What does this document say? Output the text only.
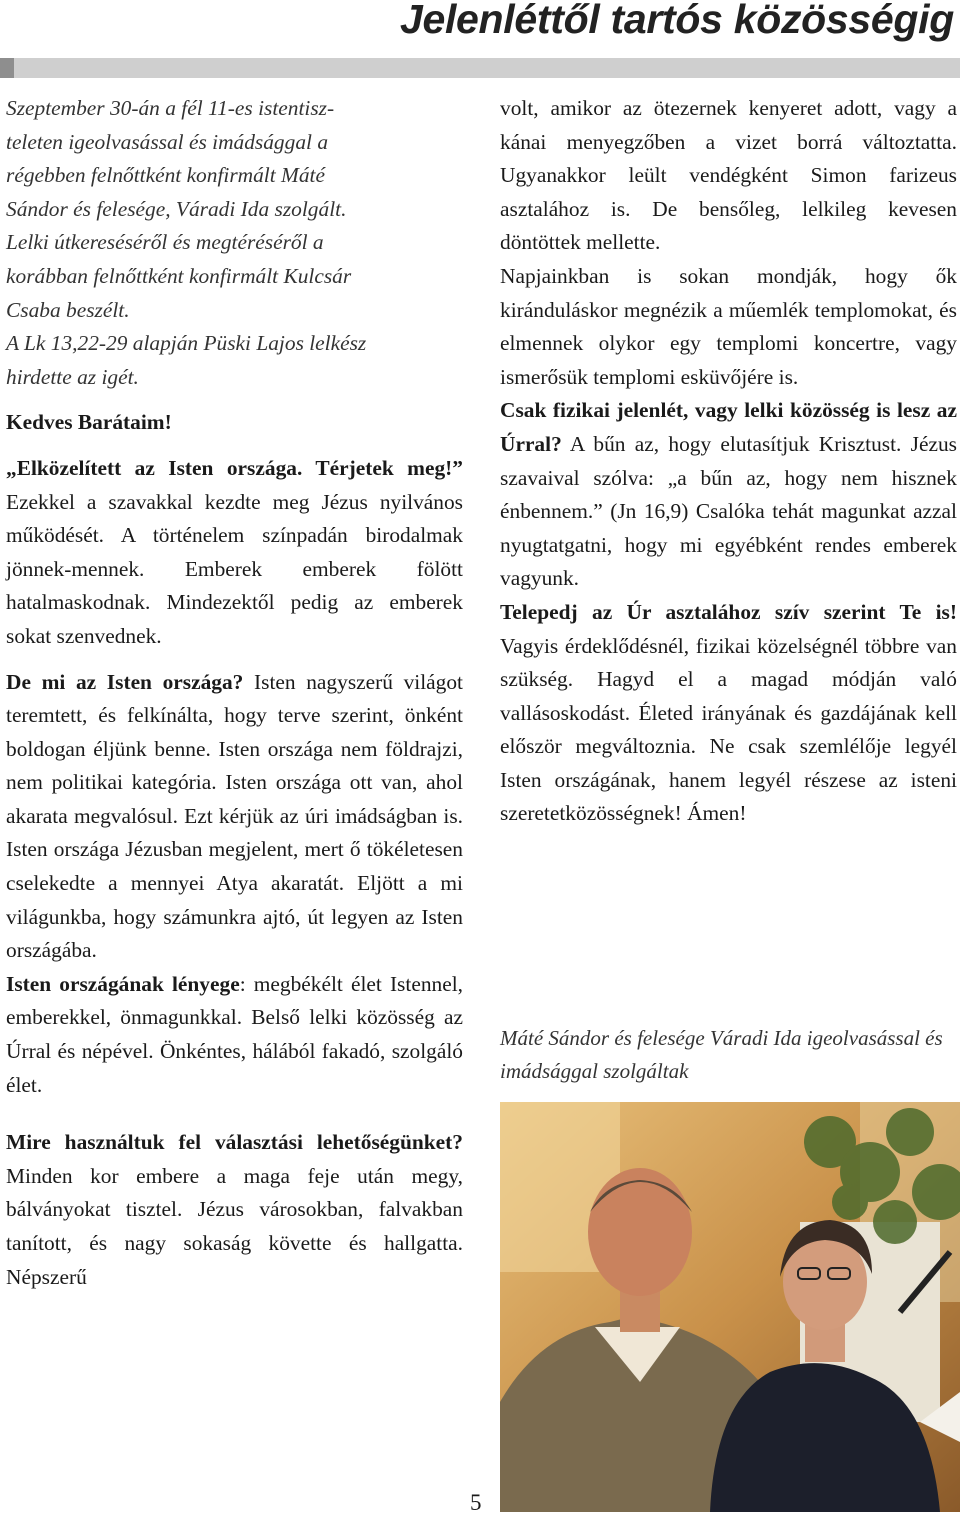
Jelenléttől tartós közösségig
Szeptember 30-án a fél 11-es istentisz-
teleten igeolvasással és imádsággal a
régebben felnőttként konfirmált Máté
Sándor és felesége, Váradi Ida szolgált.
Lelki útkereséséről és megtéréséről a
korábban felnőttként konfirmált Kulcsár
Csaba beszélt.
A Lk 13,22-29 alapján Püski Lajos lelkész
hirdette az igét.

Kedves Barátaim!

„Elközelített az Isten országa. Térjetek meg!” Ezekkel a szavakkal kezdte meg Jézus nyilvános működését. A történelem színpadán birodalmak jönnek-mennek. Emberek emberek fölött hatalmaskodnak. Mindezektől pedig az emberek sokat szenvednek.

De mi az Isten országa? Isten nagyszerű világot teremtett, és felkínálta, hogy terve szerint, önként boldogan éljünk benne. Isten országa nem földrajzi, nem politikai kategória. Isten országa ott van, ahol akarata megvalósul. Ezt kérjük az úri imádságban is. Isten országa Jézusban megjelent, mert ő tökéletesen cselekedte a mennyei Atya akaratát. Eljött a mi világunkba, hogy számunkra ajtó, út legyen az Isten országába.

Isten országának lényege: megbékélt élet Istennel, emberekkel, önmagunkkal. Belső lelki közösség az Úrral és népével. Önkéntes, hálából fakadó, szolgáló élet.

Mire használtuk fel választási lehetőségünket? Minden kor embere a maga feje után megy, bálványokat tisztel. Jézus városokban, falvakban tanított, és nagy sokaság követte és hallgatta. Népszerű

volt, amikor az ötezernek kenyeret adott, vagy a kánai menyegzőben a vizet borrá változtatta. Ugyanakkor leült vendégként Simon farizeus asztalához is. De bensőleg, lelkileg kevesen döntöttek mellette.

Napjainkban is sokan mondják, hogy ők kiránduláskor megnézik a műemlék templomokat, és elmennek olykor egy templomi koncertre, vagy ismerősük templomi esküvőjére is.

Csak fizikai jelenlét, vagy lelki közösség is lesz az Úrral? A bűn az, hogy elutasítjuk Krisztust. Jézus szavaival szólva: „a bűn az, hogy nem hisznek énbennem.” (Jn 16,9) Csalóka tehát magunkat azzal nyugtatgatni, hogy mi egyébként rendes emberek vagyunk.

Telepedj az Úr asztalához szív szerint Te is! Vagyis érdeklődésnél, fizikai közelségnél többre van szükség. Hagyd el a magad módján való vallásoskodást. Életed irányának és gazdájának kell először megváltoznia. Ne csak szemlélője legyél Isten országának, hanem legyél részese az isteni szeretetközösségnek! Ámen!

Máté Sándor és felesége Váradi Ida igeolvasással és imádsággal szolgáltak
5
